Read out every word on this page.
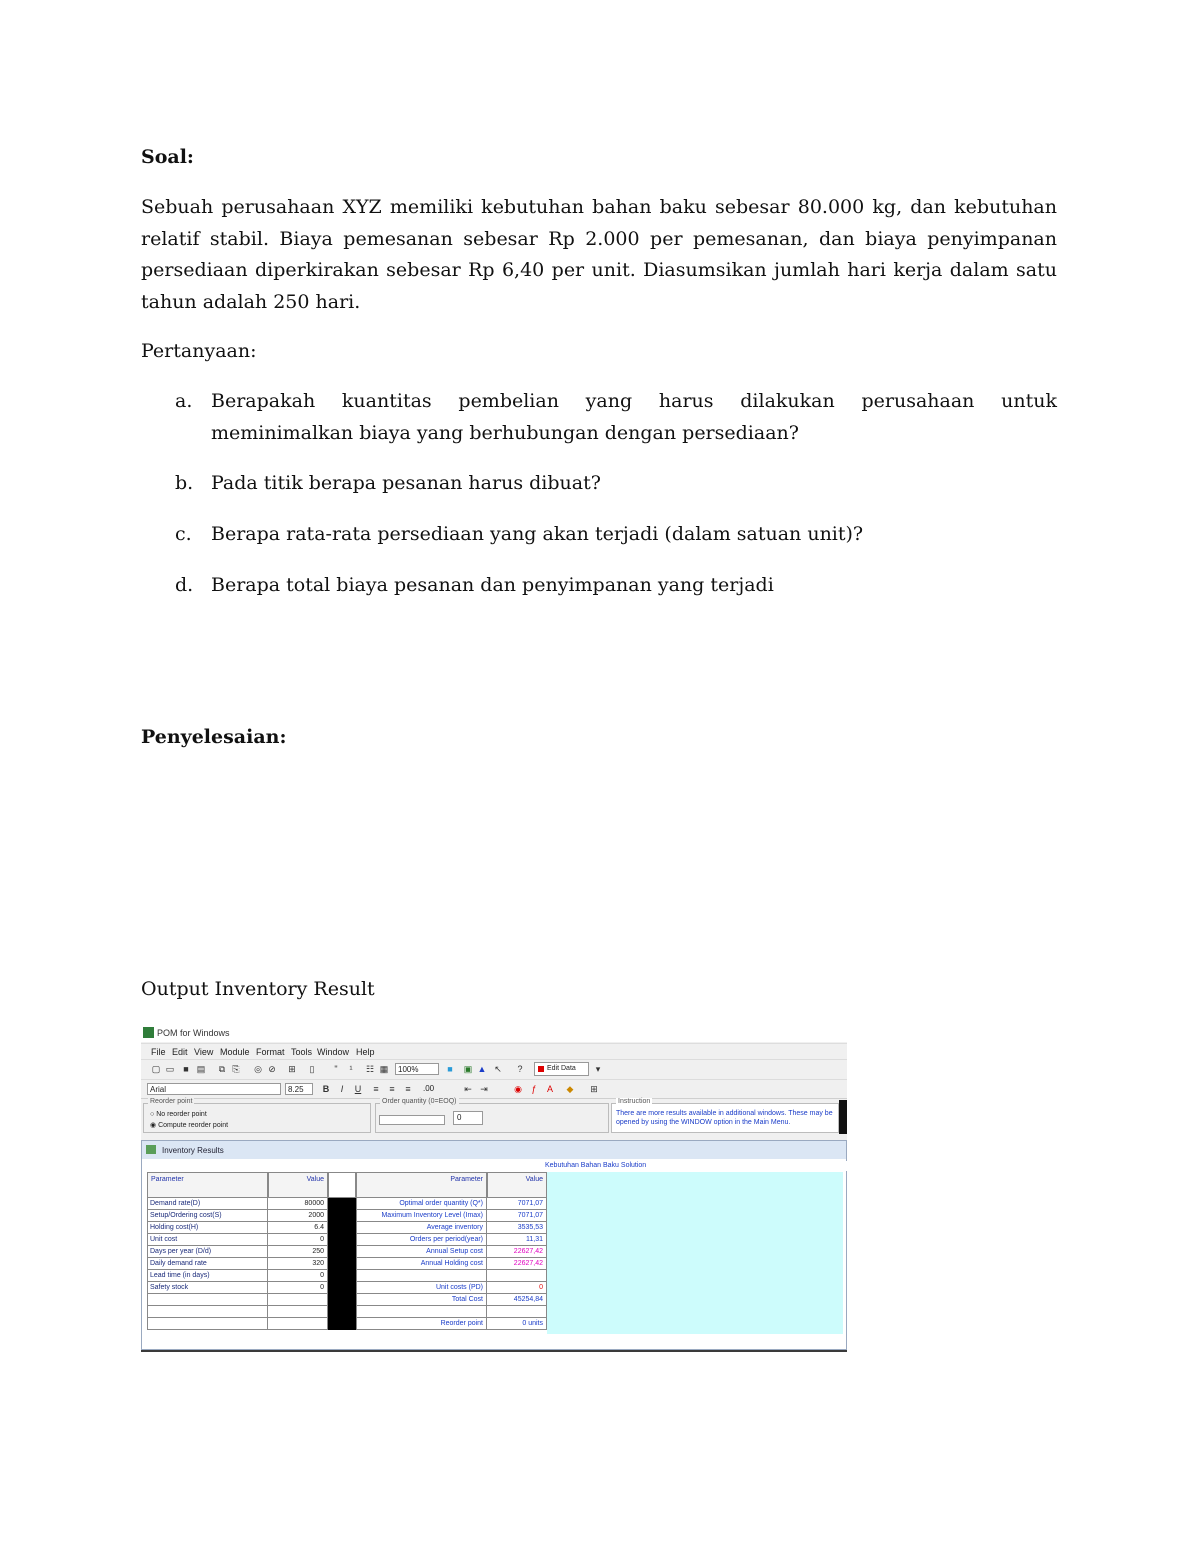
Soal:

Sebuah perusahaan XYZ memiliki kebutuhan bahan baku sebesar 80.000 kg, dan kebutuhan relatif stabil. Biaya pemesanan sebesar Rp 2.000 per pemesanan, dan biaya penyimpanan persediaan diperkirakan sebesar Rp 6,40 per unit. Diasumsikan jumlah hari kerja dalam satu tahun adalah 250 hari.

Pertanyaan:
a. Berapakah kuantitas pembelian yang harus dilakukan perusahaan untuk meminimalkan biaya yang berhubungan dengan persediaan?
b. Pada titik berapa pesanan harus dibuat?
c. Berapa rata-rata persediaan yang akan terjadi (dalam satuan unit)?
d. Berapa total biaya pesanan dan penyimpanan yang terjadi
Penyelesaian:
Output Inventory Result
POM for Windows
File Edit View Module Format Tools Window Help
▢ ▭ ■ ▤ ⧉ ⎘ ◎ ⊘ ⊞ ▯	"	¹	☷ ▦	100%	■ ▣ ▲ ↖ ?	Edit Data	▾
Arial	8.25	B	I	U ≡ ≡ ≡ .00	⇤ ⇥	◉ ƒ A ◆ ⊞
Reorder point
○ No reorder point
◉ Compute reorder point
Order quantity (0=EOQ)
0
Instruction
There are more results available in additional windows. These may be opened by using the WINDOW option in the Main Menu.
Inventory Results
Kebutuhan Bahan Baku Solution
Parameter	Value	Parameter	Value
Demand rate(D)	80000	Optimal order quantity (Q*)	7071,07
Setup/Ordering cost(S)	2000	Maximum Inventory Level (Imax)	7071,07
Holding cost(H)	6.4	Average inventory	3535,53
Unit cost	0	Orders per period(year)	11,31
Days per year (D/d)	250	Annual Setup cost	22627,42
Daily demand rate	320	Annual Holding cost	22627,42
Lead time (in days)	0
Safety stock	0	Unit costs (PD)	0
Total Cost	45254,84
Reorder point	0 units
